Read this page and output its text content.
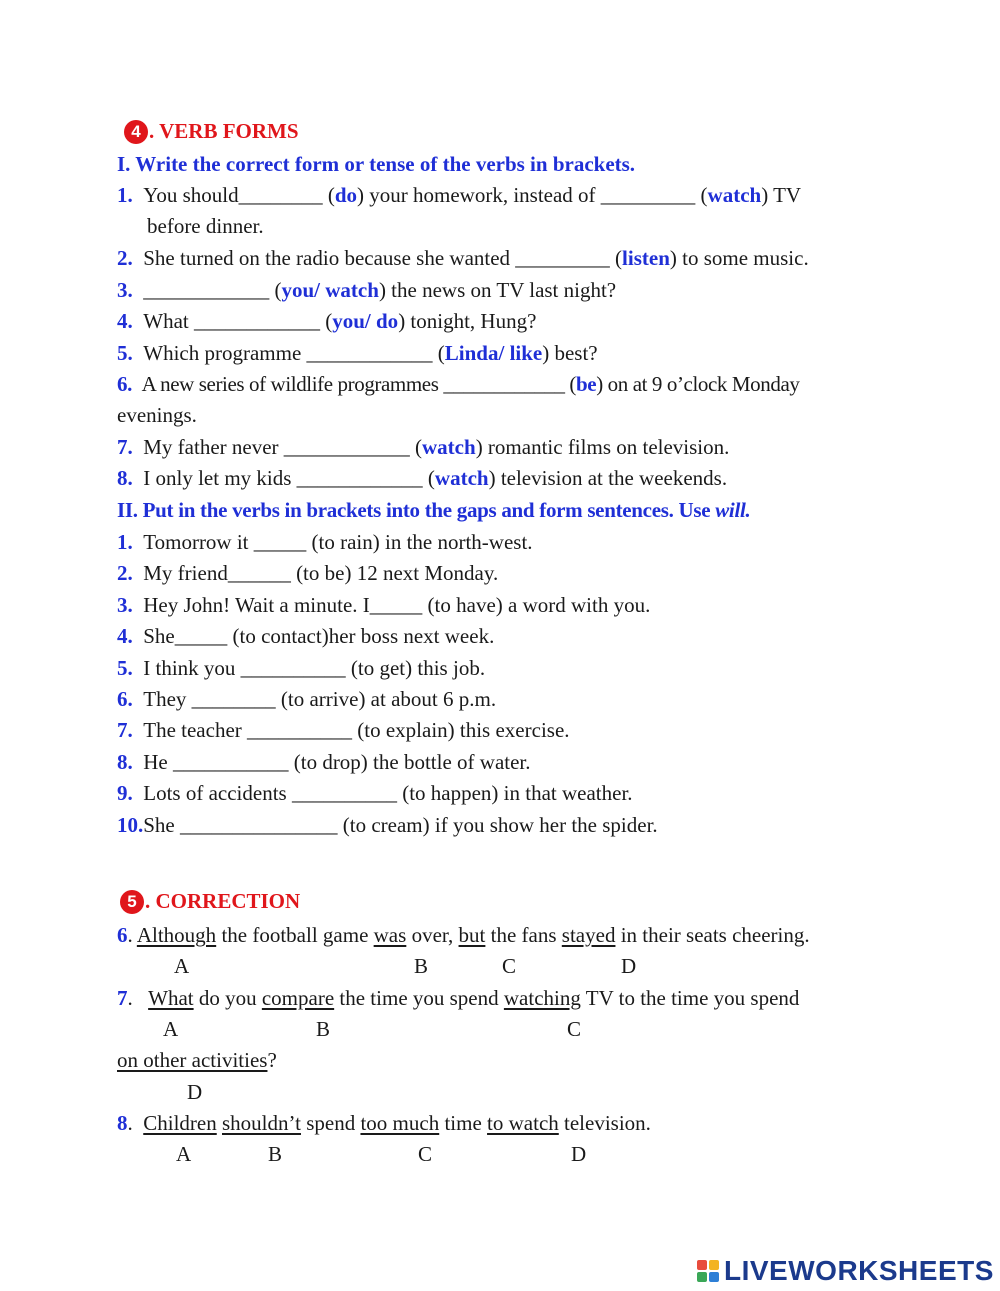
4 . VERB FORMS
I. Write the correct form or tense of the verbs in brackets.
1. You should________ (do) your homework, instead of _________ (watch) TV
before dinner.
2. She turned on the radio because she wanted _________ (listen) to some music.
3. ____________ (you/ watch) the news on TV last night?
4. What ____________ (you/ do) tonight, Hung?
5. Which programme ____________ (Linda/ like) best?
6. A new series of wildlife programmes ____________ (be) on at 9 o’clock Monday
evenings.
7. My father never ____________ (watch) romantic films on television.
8. I only let my kids ____________ (watch) television at the weekends.
II. Put in the verbs in brackets into the gaps and form sentences. Use will.
1. Tomorrow it _____ (to rain) in the north-west.
2. My friend______ (to be) 12 next Monday.
3. Hey John! Wait a minute. I_____ (to have) a word with you.
4. She_____ (to contact)her boss next week.
5. I think you __________ (to get) this job.
6. They ________ (to arrive) at about 6 p.m.
7. The teacher __________ (to explain) this exercise.
8. He ___________ (to drop) the bottle of water.
9. Lots of accidents __________ (to happen) in that weather.
10.She _______________ (to cream) if you show her the spider.
5 . CORRECTION
6. Although the football game was over, but the fans stayed in their seats cheering.
A	B	C	D
7.   What do you compare the time you spend watching TV to the time you spend
A	B	C
on other activities?
D
8.  Children shouldn’t spend too much time to watch television.
A	B	C	D
LIVEWORKSHEETS
